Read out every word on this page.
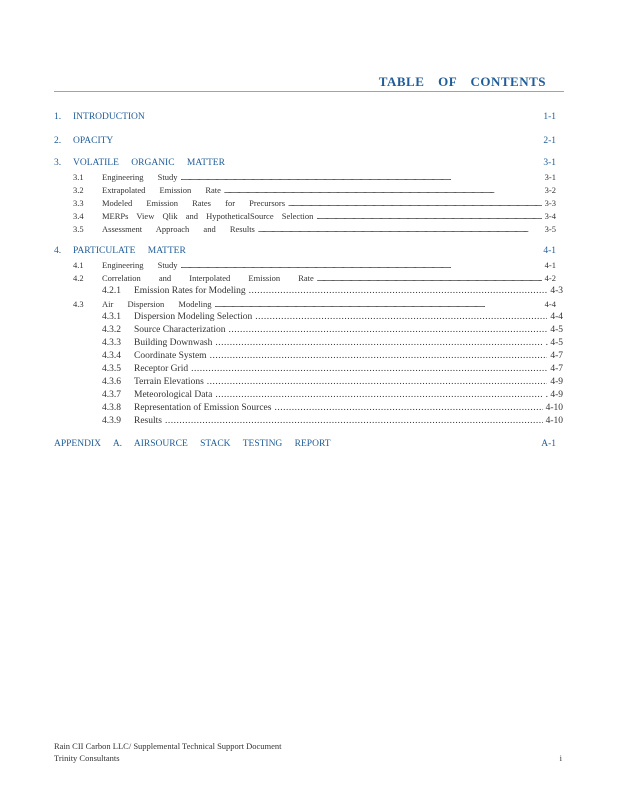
TABLE OF CONTENTS
1.	INTRODUCTION	1-1
2.	OPACITY	2-1
3.	VOLATILE ORGANIC MATTER	3-1
3.1	Engineering Study .....	3-1
3.2	Extrapolated Emission Rate .....	3-2
3.3	Modeled Emission Rates for Precursors .....	3-3
3.4	MERPs View Qlik and HypotheticalSource Selection .....	3-4
3.5	Assessment Approach and Results .....	3-5
4.	PARTICULATE MATTER	4-1
4.1	Engineering Study .....	4-1
4.2	Correlation and Interpolated Emission Rate .....	4-2
4.2.1	Emission Rates for Modeling .....	4-3
4.3	Air Dispersion Modeling .....	4-4
4.3.1	Dispersion Modeling Selection .....	4-4
4.3.2	Source Characterization .....	4-5
4.3.3	Building Downwash .....	. 4-5
4.3.4	Coordinate System .....	4-7
4.3.5	Receptor Grid .....	4-7
4.3.6	Terrain Elevations .....	4-9
4.3.7	Meteorological Data .....	. 4-9
4.3.8	Representation of Emission Sources .....	4-10
4.3.9	Results .....	4-10
APPENDIX A. AIRSOURCE STACK TESTING REPORT	A-1
Rain CII Carbon LLC/ Supplemental Technical Support Document
Trinity Consultants	i
